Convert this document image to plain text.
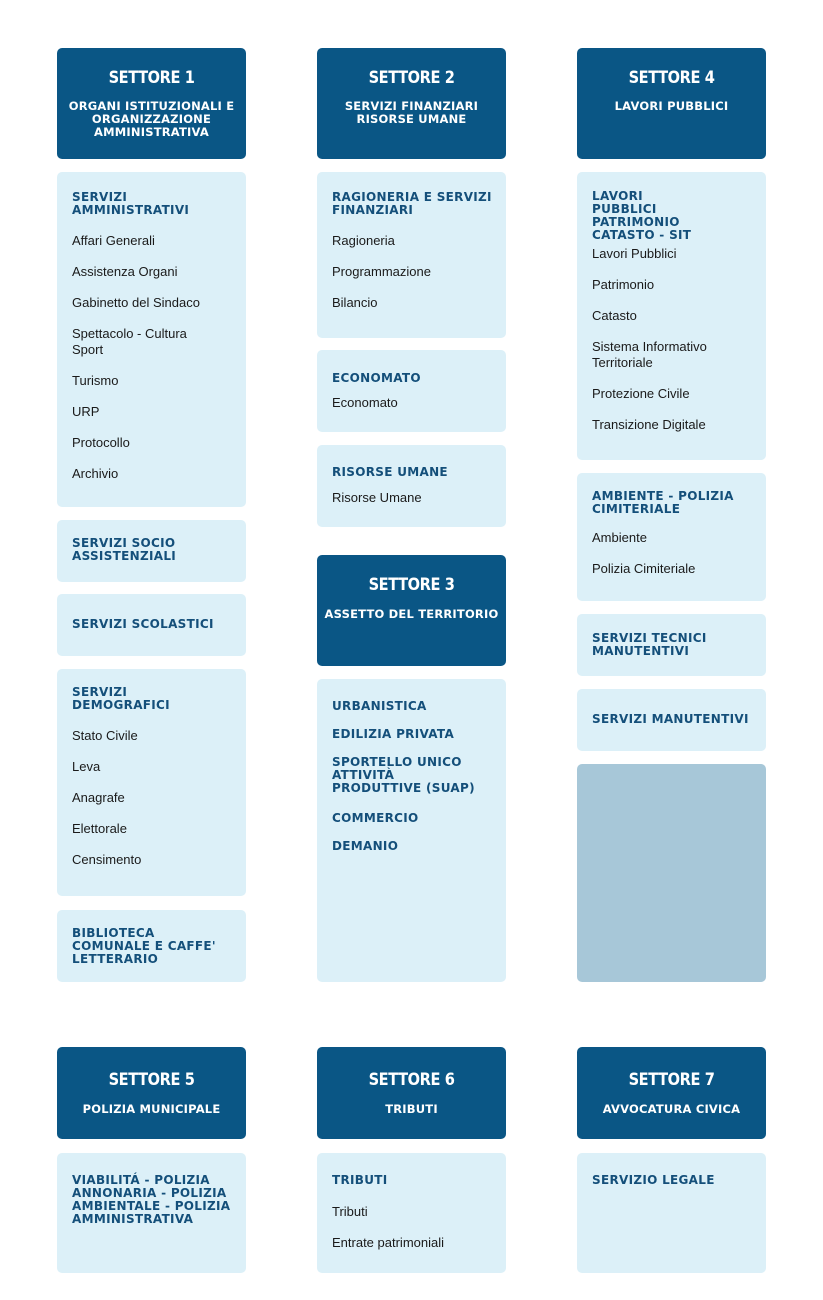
SETTORE 1
ORGANI ISTITUZIONALI E ORGANIZZAZIONE AMMINISTRATIVA
SERVIZI AMMINISTRATIVI
Affari Generali
Assistenza Organi
Gabinetto del Sindaco
Spettacolo - Cultura Sport
Turismo
URP
Protocollo
Archivio
SERVIZI SOCIO ASSISTENZIALI
SERVIZI SCOLASTICI
SERVIZI DEMOGRAFICI
Stato Civile
Leva
Anagrafe
Elettorale
Censimento
BIBLIOTECA COMUNALE E CAFFE' LETTERARIO
SETTORE 2
SERVIZI FINANZIARI RISORSE UMANE
RAGIONERIA E SERVIZI FINANZIARI
Ragioneria
Programmazione
Bilancio
ECONOMATO
Economato
RISORSE UMANE
Risorse Umane
SETTORE 3
ASSETTO DEL TERRITORIO
URBANISTICA
EDILIZIA PRIVATA
SPORTELLO UNICO ATTIVITÀ PRODUTTIVE (SUAP)
COMMERCIO
DEMANIO
SETTORE 4
LAVORI PUBBLICI
LAVORI PUBBLICI PATRIMONIO CATASTO - SIT
Lavori Pubblici
Patrimonio
Catasto
Sistema Informativo Territoriale
Protezione Civile
Transizione Digitale
AMBIENTE - POLIZIA CIMITERIALE
Ambiente
Polizia Cimiteriale
SERVIZI TECNICI MANUTENTIVI
SERVIZI MANUTENTIVI
SETTORE 5
POLIZIA MUNICIPALE
VIABILITÁ - POLIZIA ANNONARIA - POLIZIA AMBIENTALE - POLIZIA AMMINISTRATIVA
SETTORE 6
TRIBUTI
TRIBUTI
Tributi
Entrate patrimoniali
SETTORE 7
AVVOCATURA CIVICA
SERVIZIO LEGALE
